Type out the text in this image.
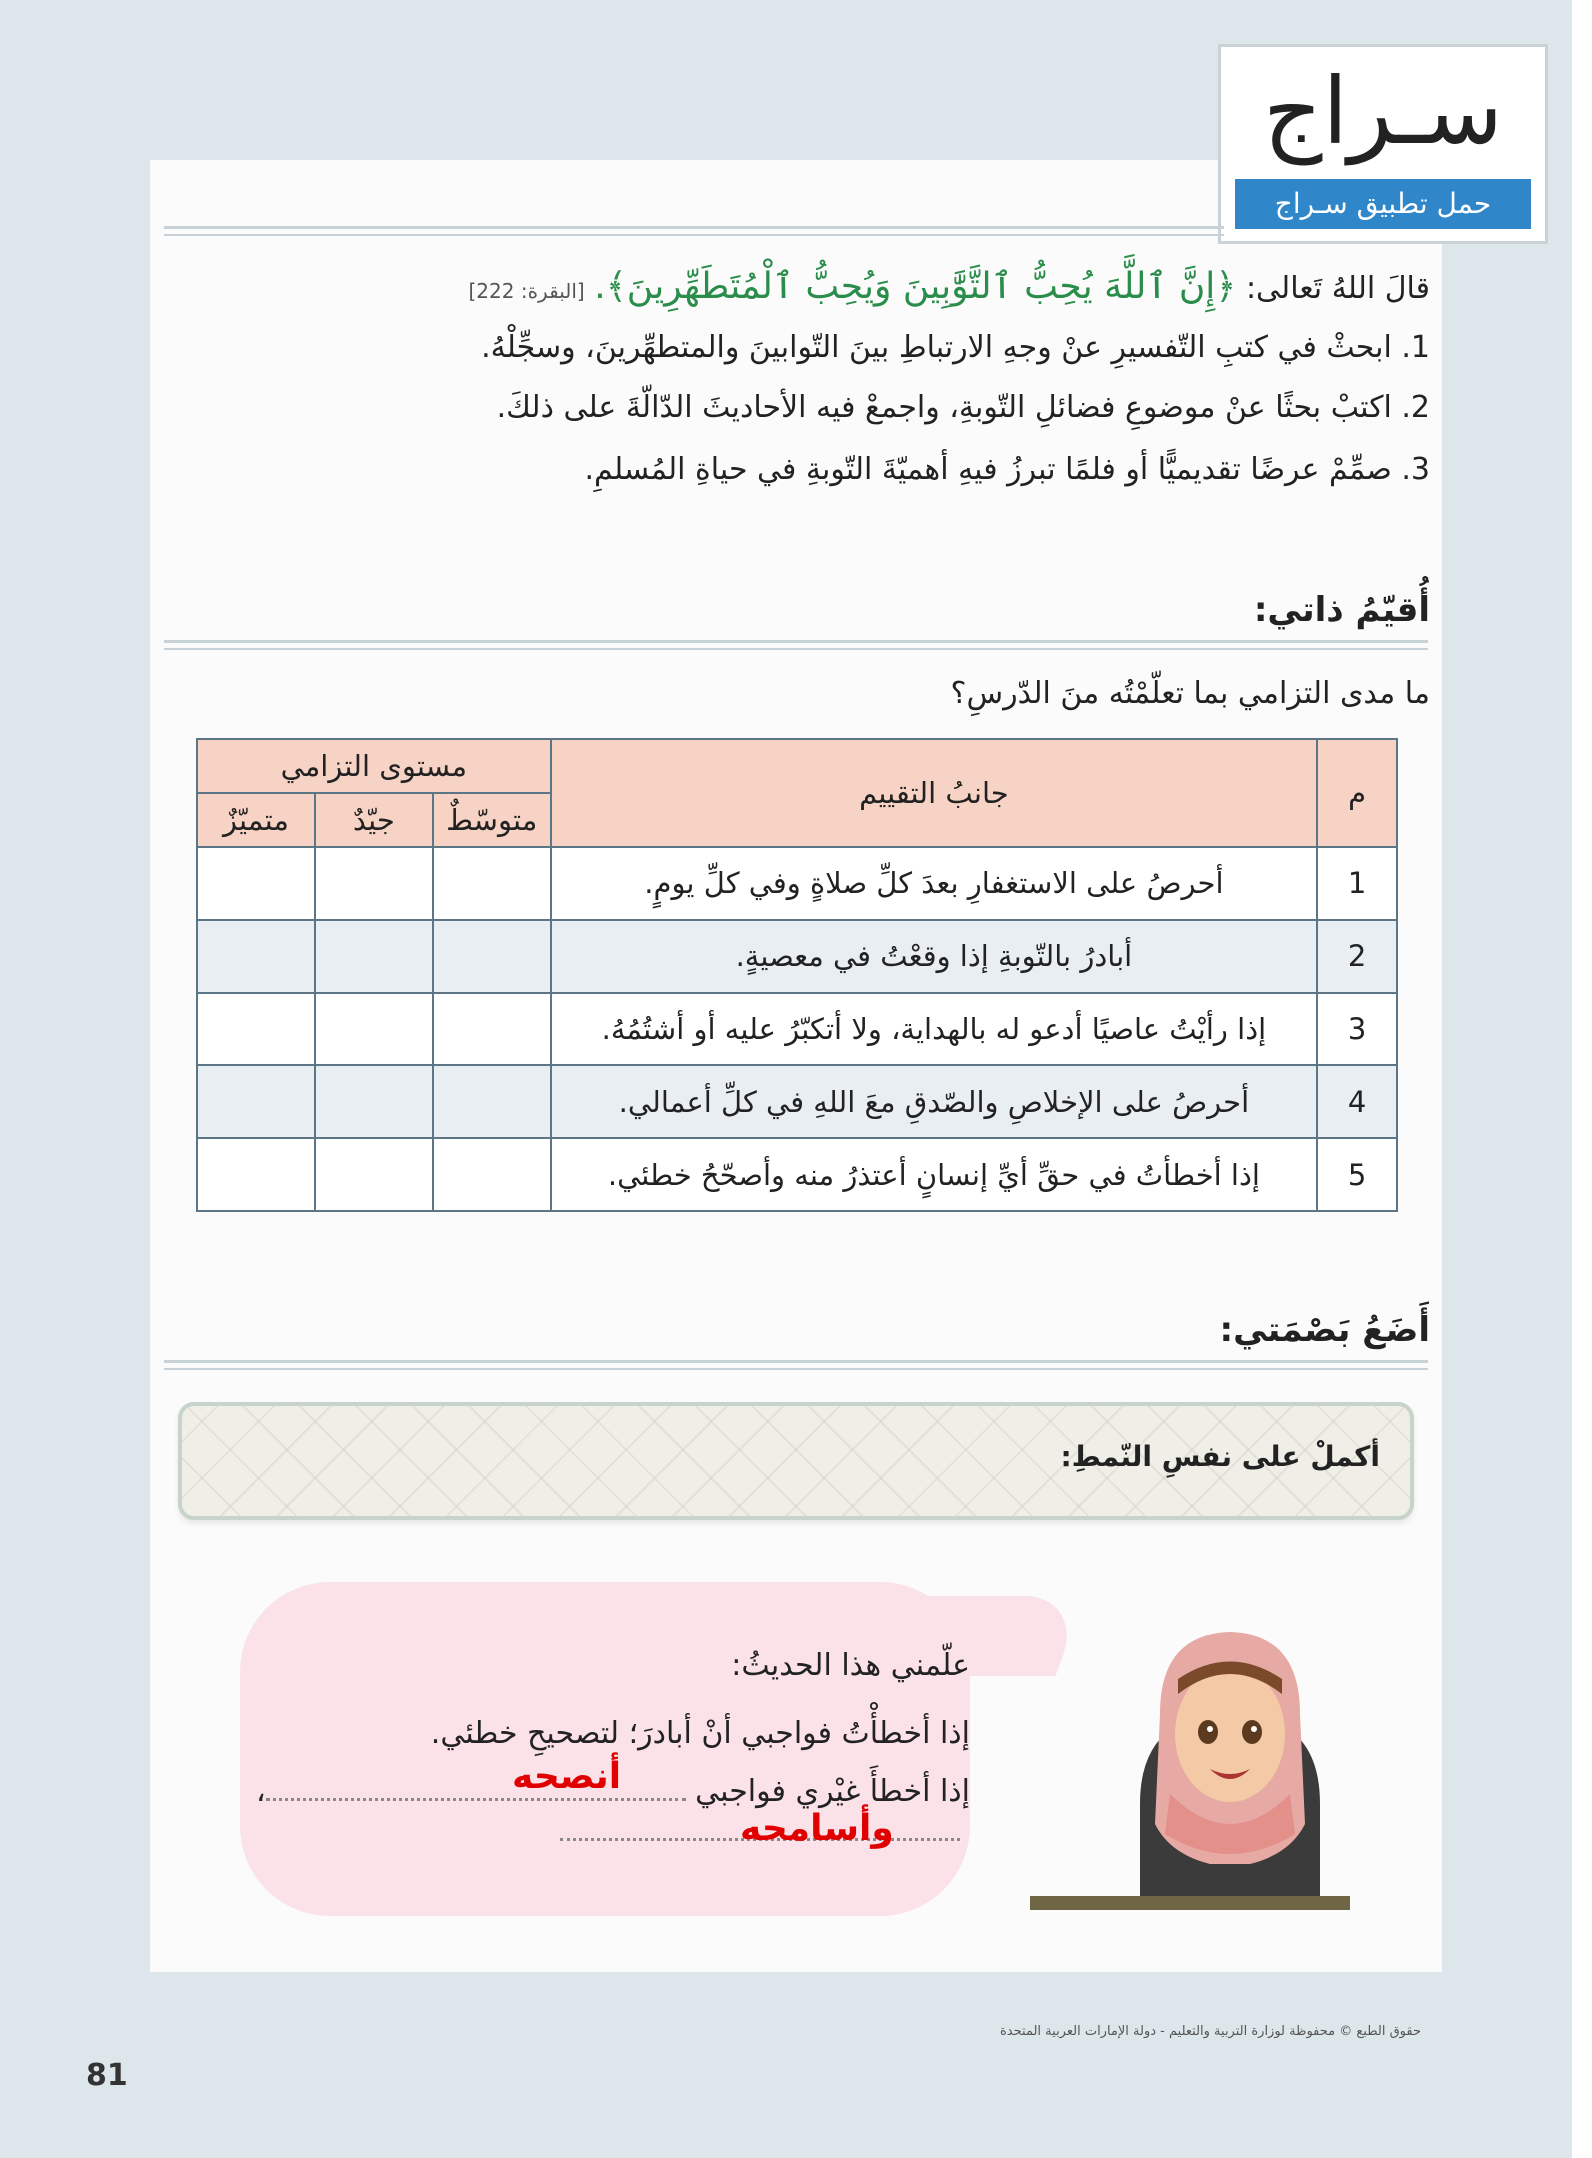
سـراج
حمل تطبيق سـراج
قالَ اللهُ تَعالى: ﴿إِنَّ ٱللَّهَ يُحِبُّ ٱلتَّوَّٰبِينَ وَيُحِبُّ ٱلْمُتَطَهِّرِينَ﴾. [البقرة: 222]
1. ابحثْ في كتبِ التّفسيرِ عنْ وجهِ الارتباطِ بينَ التّوابينَ والمتطهِّرينَ، وسجِّلْهُ.
2. اكتبْ بحثًا عنْ موضوعِ فضائلِ التّوبةِ، واجمعْ فيه الأحاديثَ الدّالّةَ على ذلكَ.
3. صمِّمْ عرضًا تقديميًّا أو فلمًا تبرزُ فيهِ أهميّةَ التّوبةِ في حياةِ المُسلمِ.
أُقيّمُ ذاتي:
ما مدى التزامي بما تعلّمْتُه منَ الدّرسِ؟
م	جانبُ التقييم	مستوى التزامي		
		متوسّطٌ	جيّدٌ	متميّزٌ
1	أحرصُ على الاستغفارِ بعدَ كلِّ صلاةٍ وفي كلِّ يومٍ.			
2	أبادرُ بالتّوبةِ إذا وقعْتُ في معصيةٍ.			
3	إذا رأيْتُ عاصيًا أدعو له بالهداية، ولا أتكبّرُ عليه أو أشتُمُهُ.			
4	أحرصُ على الإخلاصِ والصّدقِ معَ اللهِ في كلِّ أعمالي.			
5	إذا أخطأتُ في حقِّ أيِّ إنسانٍ أعتذرُ منه وأصحّحُ خطئي.			
أَضَعُ بَصْمَتي:
أكملْ على نفسِ النّمطِ:
علّمني هذا الحديثُ:
إذا أخطأْتُ فواجبي أنْ أبادرَ؛ لتصحيحِ خطئي.
إذا أخطأَ غيْري فواجبي ،	أنصحه
وأسامحه
حقوق الطبع © محفوظة لوزارة التربية والتعليم - دولة الإمارات العربية المتحدة
81
